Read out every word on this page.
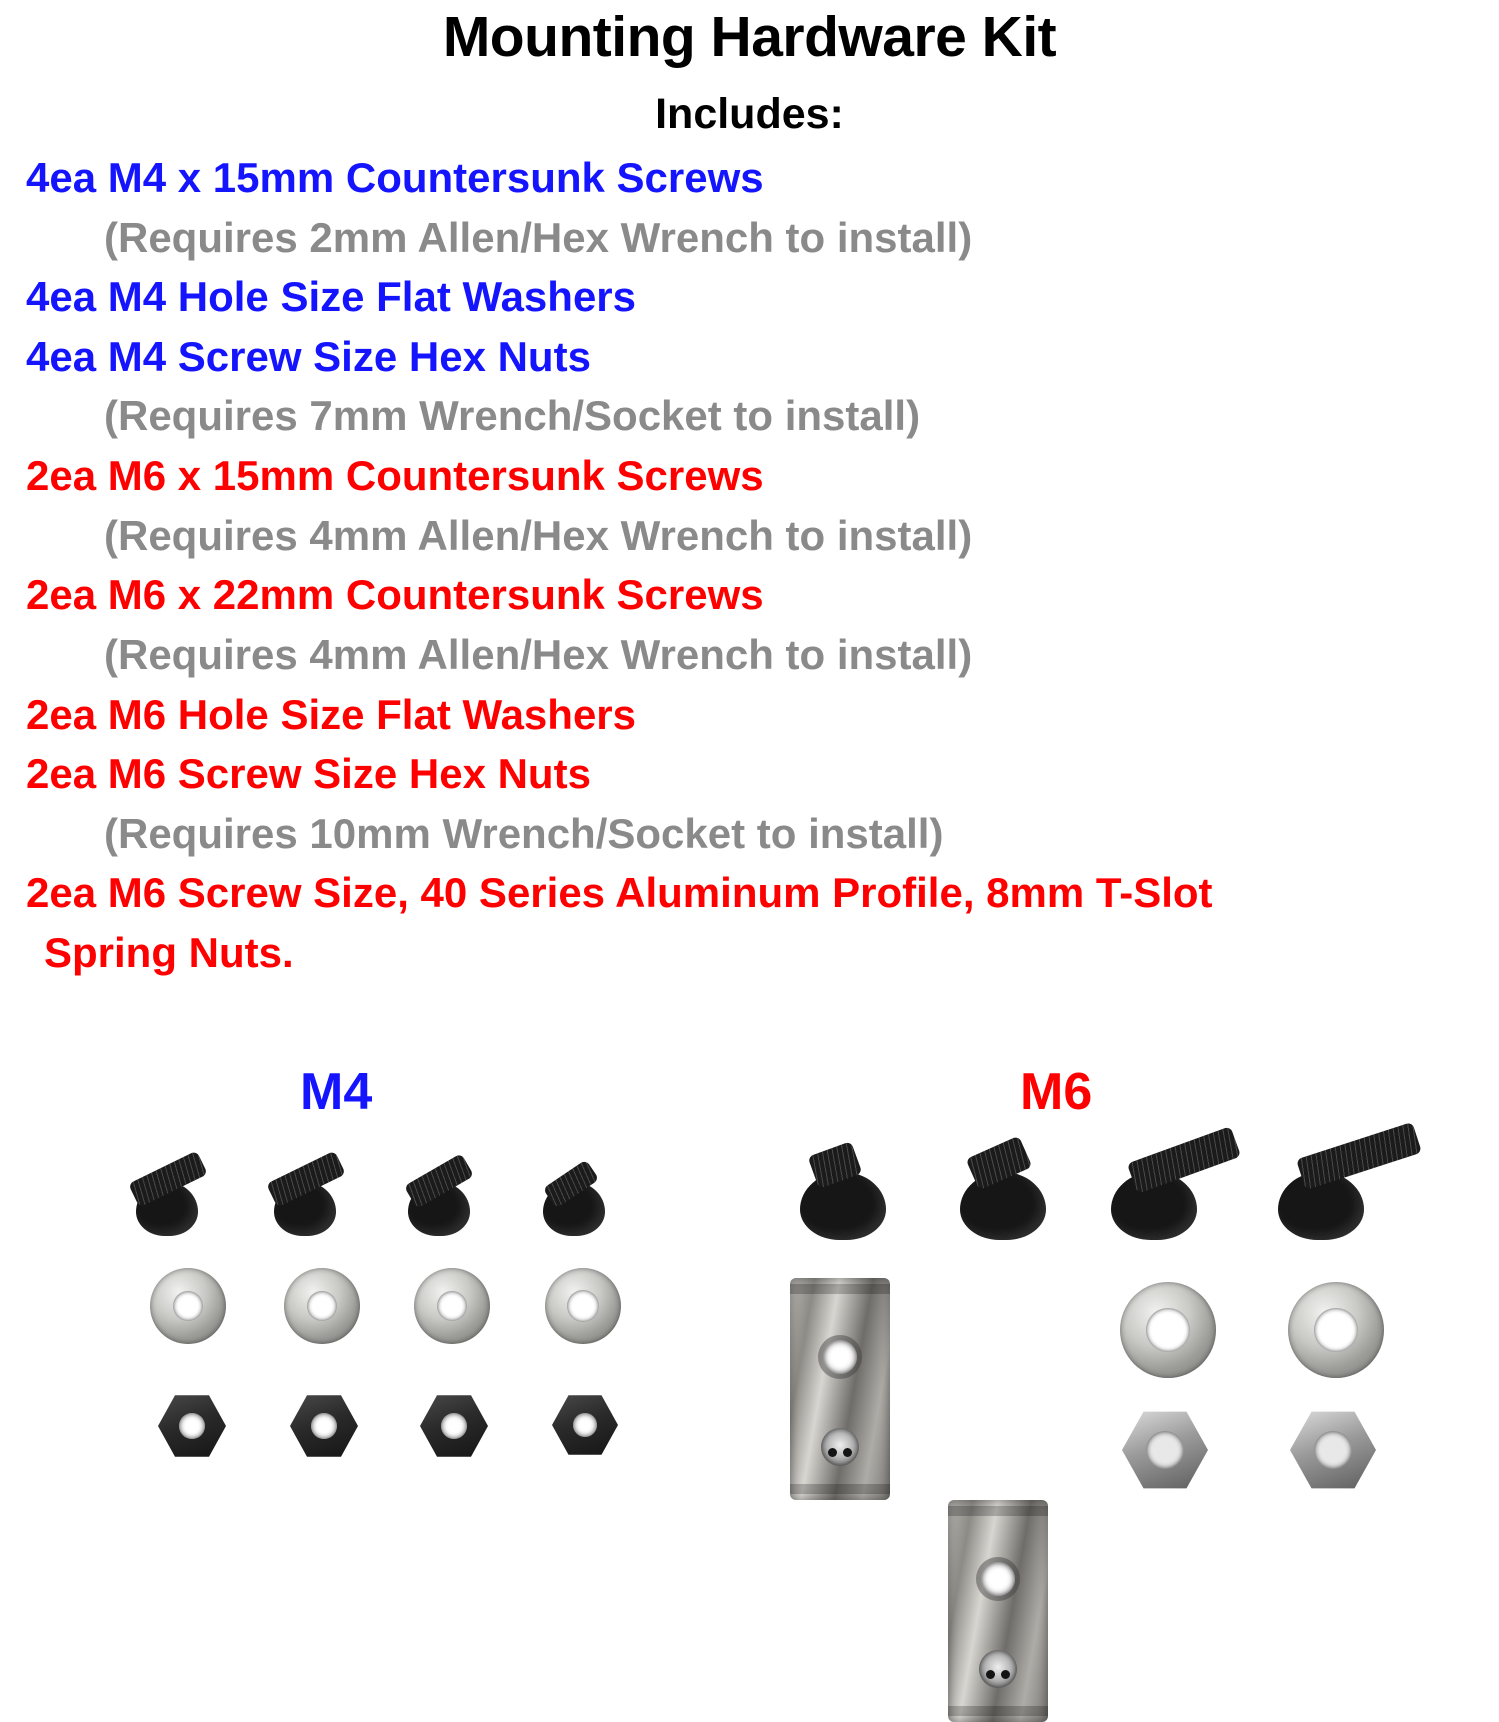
Mounting Hardware Kit
Includes:
4ea M4 x 15mm Countersunk Screws
(Requires 2mm Allen/Hex Wrench to install)
4ea M4 Hole Size Flat Washers
4ea M4 Screw Size Hex Nuts
(Requires 7mm Wrench/Socket to install)
2ea M6 x 15mm Countersunk Screws
(Requires 4mm Allen/Hex Wrench to install)
2ea M6 x 22mm Countersunk Screws
(Requires 4mm Allen/Hex Wrench to install)
2ea M6 Hole Size Flat Washers
2ea M6 Screw Size Hex Nuts
(Requires 10mm Wrench/Socket to install)
2ea M6 Screw Size, 40 Series Aluminum Profile, 8mm T-Slot
Spring Nuts.
M4	M6
